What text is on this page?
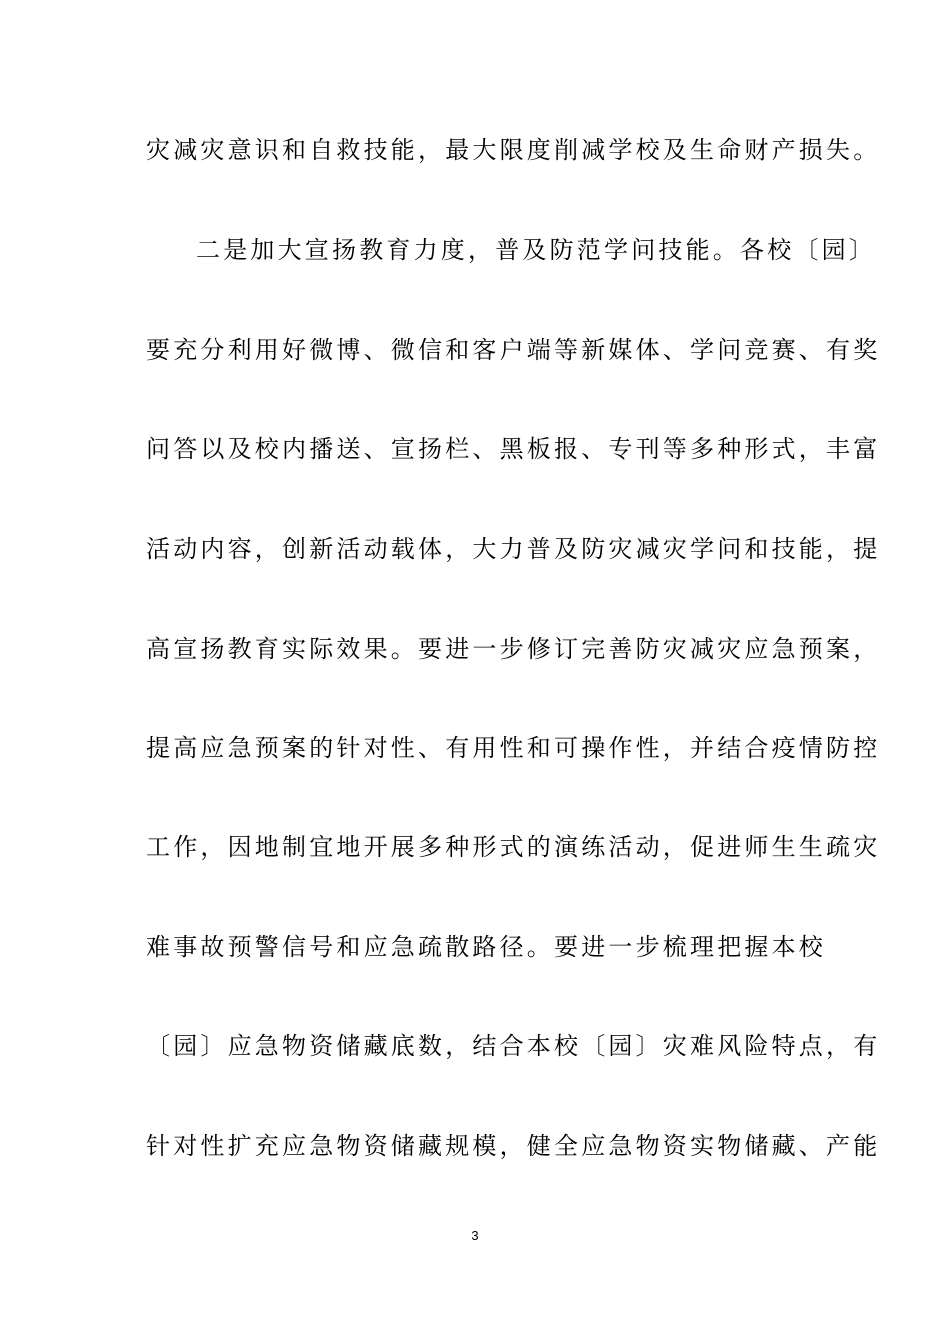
灾减灾意识和自救技能，最大限度削减学校及生命财产损失。
二是加大宣扬教育力度，普及防范学问技能。各校〔园〕
要充分利用好微博、微信和客户端等新媒体、学问竞赛、有奖
问答以及校内播送、宣扬栏、黑板报、专刊等多种形式，丰富
活动内容，创新活动载体，大力普及防灾减灾学问和技能，提
高宣扬教育实际效果。要进一步修订完善防灾减灾应急预案，
提高应急预案的针对性、有用性和可操作性，并结合疫情防控
工作，因地制宜地开展多种形式的演练活动，促进师生生疏灾
难事故预警信号和应急疏散路径。要进一步梳理把握本校
〔园〕应急物资储藏底数，结合本校〔园〕灾难风险特点，有
针对性扩充应急物资储藏规模，健全应急物资实物储藏、产能
3
